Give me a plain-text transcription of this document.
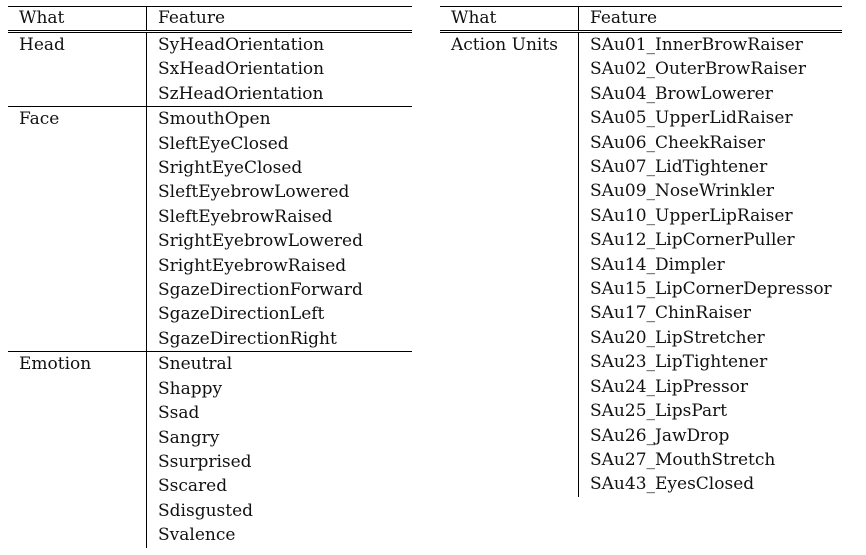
What	Feature
Head	SyHeadOrientation
	SxHeadOrientation
	SzHeadOrientation
Face	SmouthOpen
	SleftEyeClosed
	SrightEyeClosed
	SleftEyebrowLowered
	SleftEyebrowRaised
	SrightEyebrowLowered
	SrightEyebrowRaised
	SgazeDirectionForward
	SgazeDirectionLeft
	SgazeDirectionRight
Emotion	Sneutral
	Shappy
	Ssad
	Sangry
	Ssurprised
	Sscared
	Sdisgusted
	Svalence
What	Feature
Action Units	SAu01_InnerBrowRaiser
	SAu02_OuterBrowRaiser
	SAu04_BrowLowerer
	SAu05_UpperLidRaiser
	SAu06_CheekRaiser
	SAu07_LidTightener
	SAu09_NoseWrinkler
	SAu10_UpperLipRaiser
	SAu12_LipCornerPuller
	SAu14_Dimpler
	SAu15_LipCornerDepressor
	SAu17_ChinRaiser
	SAu20_LipStretcher
	SAu23_LipTightener
	SAu24_LipPressor
	SAu25_LipsPart
	SAu26_JawDrop
	SAu27_MouthStretch
	SAu43_EyesClosed
